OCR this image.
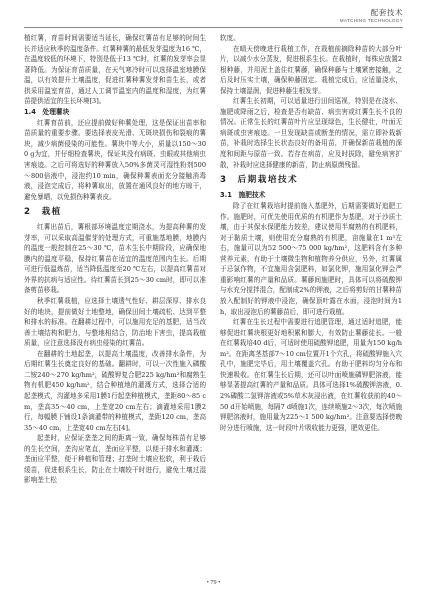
配套技术
MATCHING TECHNOLOGY

植红薯，育苗时间需要适当延长，确保红薯苗有足够的时间生长并适应秋季的温度条件。红薯种薯的最低发芽温度为16 ℃，在温度较低的环境下，特别是低于13 ℃时，红薯的发芽率会显著降低。为保证育苗质量，在天气寒冷时可以选择温室地膜保温，以有效提升土壤温度，促进红薯种薯发芽和苗生长，或者拱采用温室育苗，通过人工调节温室内的温度和湿度，为红薯苗提供适宜的生长环境[3]。

1.4　处理薯块

红薯育苗前，还应提前做好种薯处理，这是保证出苗率和苗质量的重要步骤。要选择表皮光滑、无斑块损伤和裂痕的薯块，减少病菌侵染的可能性。薯块中等大小，质量以150～300 g为宜，并仔细检查薯块，保证其没有病斑、虫眼或其他病虫害痕迹。之后可将选好的种薯放入50%多菌灵可湿性粉剂500～800倍液中，浸泡约10 min，确保种薯表面充分接触消毒液，浸泡完成后，将种薯取出，放置在通风良好的地方晾干，避免暴晒，以免损伤种薯表皮。

2　栽植

红薯出苗后，薯根部环境温度定期浇水，为提高种薯的发芽率，可以采取高温催芽的处理方式，可重施基地膜，地膜内的温度一般控制在25～30 ℃，苗木生长中期阶段，应确保地膜内的温度平稳，保持红薯苗在适宜的温度范围内生长。后期可进行低温炼苗，适当降低温度至20 ℃左右，以提高红薯苗对外界的抗病与适应性。待红薯苗长到25～30 cm时，即可以准备剪苗移栽。

秋季红薯栽植，应选择土壤透气性好、耕层深厚、排水良好的地块，提前做好土地整地，确保田间土壤疏松、达到平整和排水的标准。在翻耕过程中，可以施用充足的基肥，适当改善土壤结构和肥力，与整地相结合，防治地下害虫，提高栽植质量，应注意选择没有病虫侵染的红薯苗。

在翻耕的土地起垄，以提高土壤温度，改善排水条件，为后期红薯生长奠定良好的基础。翻耕时，可以一次性施入磷酸二铵240～270 kg/hm²，硫酸钾复合肥225 kg/hm²和腐熟生物有机肥450 kg/hm²，结合种植地的灌溉方式，选择合适的起垄模式，沟灌地多采用1膜1行起垄种植模式，垄距80～85 cm，垄高35～40 cm，上垄宽20 cm左右；滴灌地采用1膜2行，每幅膜下铺设1条滴灌带的种植模式，垄距120 cm，垄高35～40 cm，上垄宽40 cm左右[4]。

起垄时，应保证垄垄之间的距离一致，确保每株苗有足够的生长空间，垄沟应笔直，垄面应平整，以便于排水和灌溉；垄面应平整，便于种植和管理；打垄时土壤应松软，利于栽后缓苗，促进根系生长，防止在土壤较干时进行，避免土壤过湿影响垄土松

软度。

在晴天傍晚进行栽植工作，在栽植前摘除种苗的大部分叶片，以减少水分蒸发，促进根系生长。在栽植时，每株应放置2根种藤，并用泥土盖住红薯藤，确保种藤与土壤紧密接触，之后及时压实土壤，确保种藤固定。栽植完成后，应适量浇水，保持土壤湿润，促进种藤生根发芽。

红薯生长初期，可以适量进行田间巡视，特别是在浇水、施肥或降雨之后，检查是否有缺苗、病虫害或红薯生长不良的情况。正常生长的红薯苗叶片应呈现绿色，生长健壮，叶面无病斑或虫害痕迹。一旦发现缺苗或断垄的情况，需立即补栽新苗，补栽时选择生长状态良好的备用苗，并确保新苗栽植的深度和间距与原苗一致。若存在病苗，应及时拔除，避免病害扩散，补栽时应选择健康的新苗，防止病原菌残留。

3　后期栽培技术

3.1　施肥技术

除了在红薯栽培时提前施入基肥外，后期需要做好追肥工作。施肥时，可优先使用优质的有机肥作为基肥，对于沙质土壤，由于其保水保肥能力较差，建议使用半腐熟的有机肥料，对于黏质土壤，则使用充分腐熟的有机肥，亩施量在1 m³左右，施量可以为52 500～75 000 kg/hm²，这肥料含有多种营养元素，有助于土壤微生物和植物养分供应，另外，红薯属于忌氯作物，不宜施用含氯肥料，如氯化钾，施用氯化钾会严重影响红薯的产量和品质。薯藤间施肥时，具体可以将硫酸钾与水充分搅拌混合，配制成2%的钾液，之后将剪好的甘薯种苗放入配制好的钾液中浸泡，确保顶叶露在水面，浸泡时间为1 h，取出浸泡后的薯藤苗后，即可进行栽植。

红薯在生长过程中需要进行追肥管理，通过适时追肥，能够促进红薯块根更好地积累和膨大，有效防止薯藤徒长。一般在红薯栽培40 d后，可适时使用硫酸钾追肥，用量为150 kg/hm²。在距离茎基部7～10 cm位置开1个穴孔，将硫酸钾施入穴孔中，施肥完毕后，用土壤覆盖穴孔。有助于肥料均匀分布和快速吸收。在红薯生长后期，还可以叶面喷施磷钾肥溶液，能够显著提高红薯的产量和品质。具体可选择1%硫酸钾溶液，0.2%磷酸二氢钾溶液或5%草木灰浸出液，在红薯收获前的40～50 d开始喷施，每隔7 d喷施1次，连续喷施2～3次，每次喷施钾肥溶液时，施用量为225～1 500 kg/hm²。注意要选择傍晚时分进行喷施，这一时段叶片吸收能力更强，肥效更佳。

• 79 •
